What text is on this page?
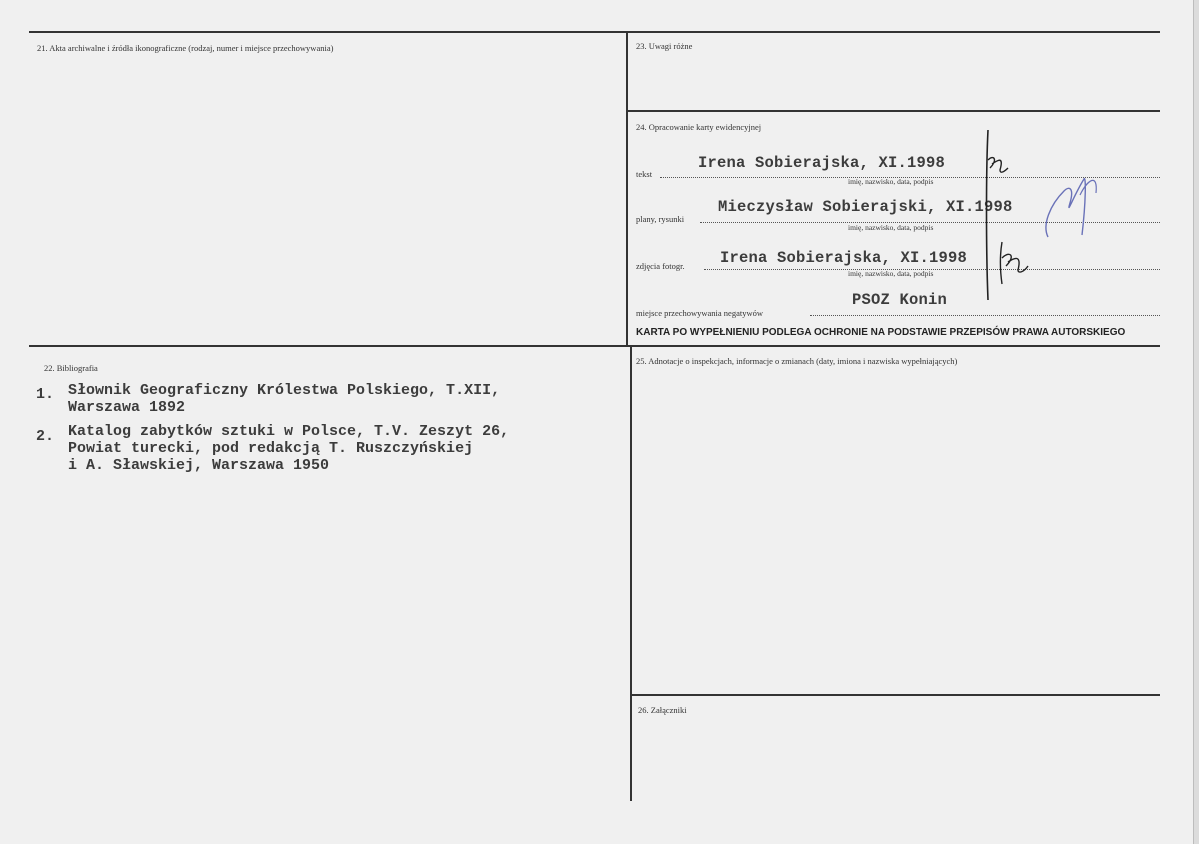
21. Akta archiwalne i źródła ikonograficzne (rodzaj, numer i miejsce przechowywania)	23. Uwagi różne
24. Opracowanie karty ewidencyjnej
22. Bibliografia
25. Adnotacje o inspekcjach, informacje o zmianach (daty, imiona i nazwiska wypełniających)
26. Załączniki
tekst
Irena Sobierajska, XI.1998
imię, nazwisko, data, podpis
plany, rysunki
Mieczysław Sobierajski, XI.1998
imię, nazwisko, data, podpis
zdjęcia fotogr. Irena Sobierajska, XI.1998
imię, nazwisko, data, podpis
miejsce przechowywania negatywów
PSOZ Konin
KARTA PO WYPEŁNIENIU PODLEGA OCHRONIE NA PODSTAWIE PRZEPISÓW PRAWA AUTORSKIEGO
1. Słownik Geograficzny Królestwa Polskiego, T.XII,
Warszawa 1892
2. Katalog zabytków sztuki w Polsce, T.V. Zeszyt 26,
Powiat turecki, pod redakcją T. Ruszczyńskiej
i A. Sławskiej, Warszawa 1950
